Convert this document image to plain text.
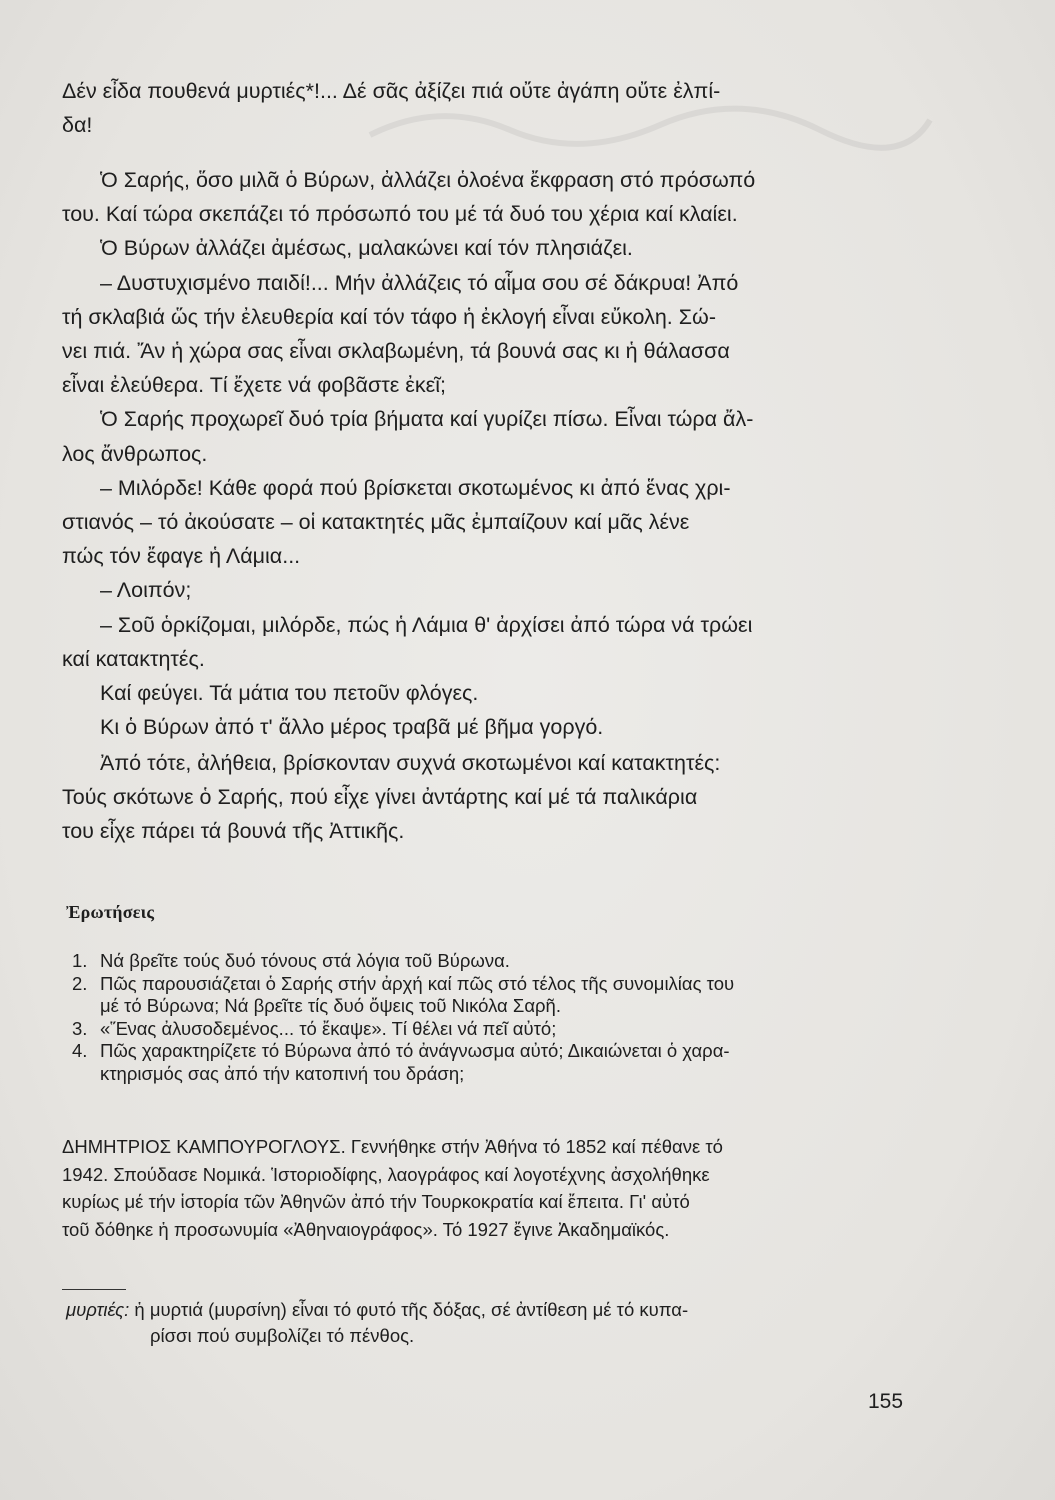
Δέν εἶδα πουθενά μυρτιές*!... Δέ σᾶς ἀξίζει πιά οὔτε ἀγάπη οὔτε ἐλπί-

δα!

Ὁ Σαρής, ὅσο μιλᾶ ὁ Βύρων, ἀλλάζει ὁλοένα ἔκφραση στό πρόσωπό

του. Καί τώρα σκεπάζει τό πρόσωπό του μέ τά δυό του χέρια καί κλαίει.

Ὁ Βύρων ἀλλάζει ἀμέσως, μαλακώνει καί τόν πλησιάζει.

– Δυστυχισμένο παιδί!... Μήν ἀλλάζεις τό αἷμα σου σέ δάκρυα! Ἀπό

τή σκλαβιά ὥς τήν ἐλευθερία καί τόν τάφο ἡ ἐκλογή εἶναι εὔκολη. Σώ-

νει πιά. Ἄν ἡ χώρα σας εἶναι σκλαβωμένη, τά βουνά σας κι ἡ θάλασσα

εἶναι ἐλεύθερα. Τί ἔχετε νά φοβᾶστε ἐκεῖ;

Ὁ Σαρής προχωρεῖ δυό τρία βήματα καί γυρίζει πίσω. Εἶναι τώρα ἄλ-

λος ἄνθρωπος.

– Μιλόρδε! Κάθε φορά πού βρίσκεται σκοτωμένος κι ἀπό ἕνας χρι-

στιανός – τό ἀκούσατε – οἱ κατακτητές μᾶς ἐμπαίζουν καί μᾶς λένε

πώς τόν ἔφαγε ἡ Λάμια...

– Λοιπόν;

– Σοῦ ὁρκίζομαι, μιλόρδε, πώς ἡ Λάμια θ' ἀρχίσει ἀπό τώρα νά τρώει

καί κατακτητές.

Καί φεύγει. Τά μάτια του πετοῦν φλόγες.

Κι ὁ Βύρων ἀπό τ' ἄλλο μέρος τραβᾶ μέ βῆμα γοργό.

Ἀπό τότε, ἀλήθεια, βρίσκονταν συχνά σκοτωμένοι καί κατακτητές:

Τούς σκότωνε ὁ Σαρής, πού εἶχε γίνει ἀντάρτης καί μέ τά παλικάρια

του εἶχε πάρει τά βουνά τῆς Ἀττικῆς.

Ἐρωτήσεις
1. Νά βρεῖτε τούς δυό τόνους στά λόγια τοῦ Βύρωνα.
2. Πῶς παρουσιάζεται ὁ Σαρής στήν ἀρχή καί πῶς στό τέλος τῆς συνομιλίας του
μέ τό Βύρωνα; Νά βρεῖτε τίς δυό ὄψεις τοῦ Νικόλα Σαρῆ.
3. «Ἕνας ἀλυσοδεμένος... τό ἔκαψε». Τί θέλει νά πεῖ αὐτό;
4. Πῶς χαρακτηρίζετε τό Βύρωνα ἀπό τό ἀνάγνωσμα αὐτό; Δικαιώνεται ὁ χαρα-
κτηρισμός σας ἀπό τήν κατοπινή του δράση;
ΔΗΜΗΤΡΙΟΣ ΚΑΜΠΟΥΡΟΓΛΟΥΣ. Γεννήθηκε στήν Ἀθήνα τό 1852 καί πέθανε τό
1942. Σπούδασε Νομικά. Ἱστοριοδίφης, λαογράφος καί λογοτέχνης ἀσχολήθηκε
κυρίως μέ τήν ἱστορία τῶν Ἀθηνῶν ἀπό τήν Τουρκοκρατία καί ἔπειτα. Γι' αὐτό
τοῦ δόθηκε ἡ προσωνυμία «Ἀθηναιογράφος». Τό 1927 ἔγινε Ἀκαδημαϊκός.
μυρτιές: ἡ μυρτιά (μυρσίνη) εἶναι τό φυτό τῆς δόξας, σέ ἀντίθεση μέ τό κυπα-
ρίσσι πού συμβολίζει τό πένθος.
155
